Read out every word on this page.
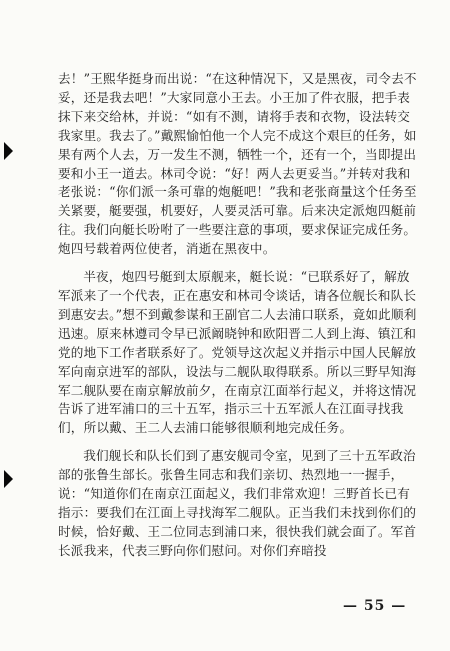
去！”王熙华挺身而出说：“在这种情况下，又是黑夜，司令去不妥，还是我去吧！”大家同意小王去。小王加了件衣服，把手表抹下来交给林，并说：“如有不测，请将手表和衣物，设法转交我家里。我去了。”戴熙愉怕他一个人完不成这个艰巨的任务，如果有两个人去，万一发生不测，牺牲一个，还有一个，当即提出要和小王一道去。林司令说：“好！两人去更妥当。”并转对我和老张说：“你们派一条可靠的炮艇吧！”我和老张商量这个任务至关紧要，艇要强，机要好，人要灵活可靠。后来决定派炮四艇前往。我们向艇长吩咐了一些要注意的事项，要求保证完成任务。炮四号载着两位使者，消逝在黑夜中。

半夜，炮四号艇到太原舰来，艇长说：“已联系好了，解放军派来了一个代表，正在惠安和林司令谈话，请各位舰长和队长到惠安去。”想不到戴参谋和王副官二人去浦口联系，竟如此顺利迅速。原来林遵司令早已派阚晓钟和欧阳晋二人到上海、镇江和党的地下工作者联系好了。党领导这次起义并指示中国人民解放军向南京进军的部队，设法与二舰队取得联系。所以三野早知海军二舰队要在南京解放前夕，在南京江面举行起义，并将这情况告诉了进军浦口的三十五军，指示三十五军派人在江面寻找我们，所以戴、王二人去浦口能够很顺利地完成任务。

我们舰长和队长们到了惠安舰司令室，见到了三十五军政治部的张鲁生部长。张鲁生同志和我们亲切、热烈地一一握手，说：“知道你们在南京江面起义，我们非常欢迎！三野首长已有指示：要我们在江面上寻找海军二舰队。正当我们未找到你们的时候，恰好戴、王二位同志到浦口来，很快我们就会面了。军首长派我来，代表三野向你们慰问。对你们弃暗投

— 55 —
